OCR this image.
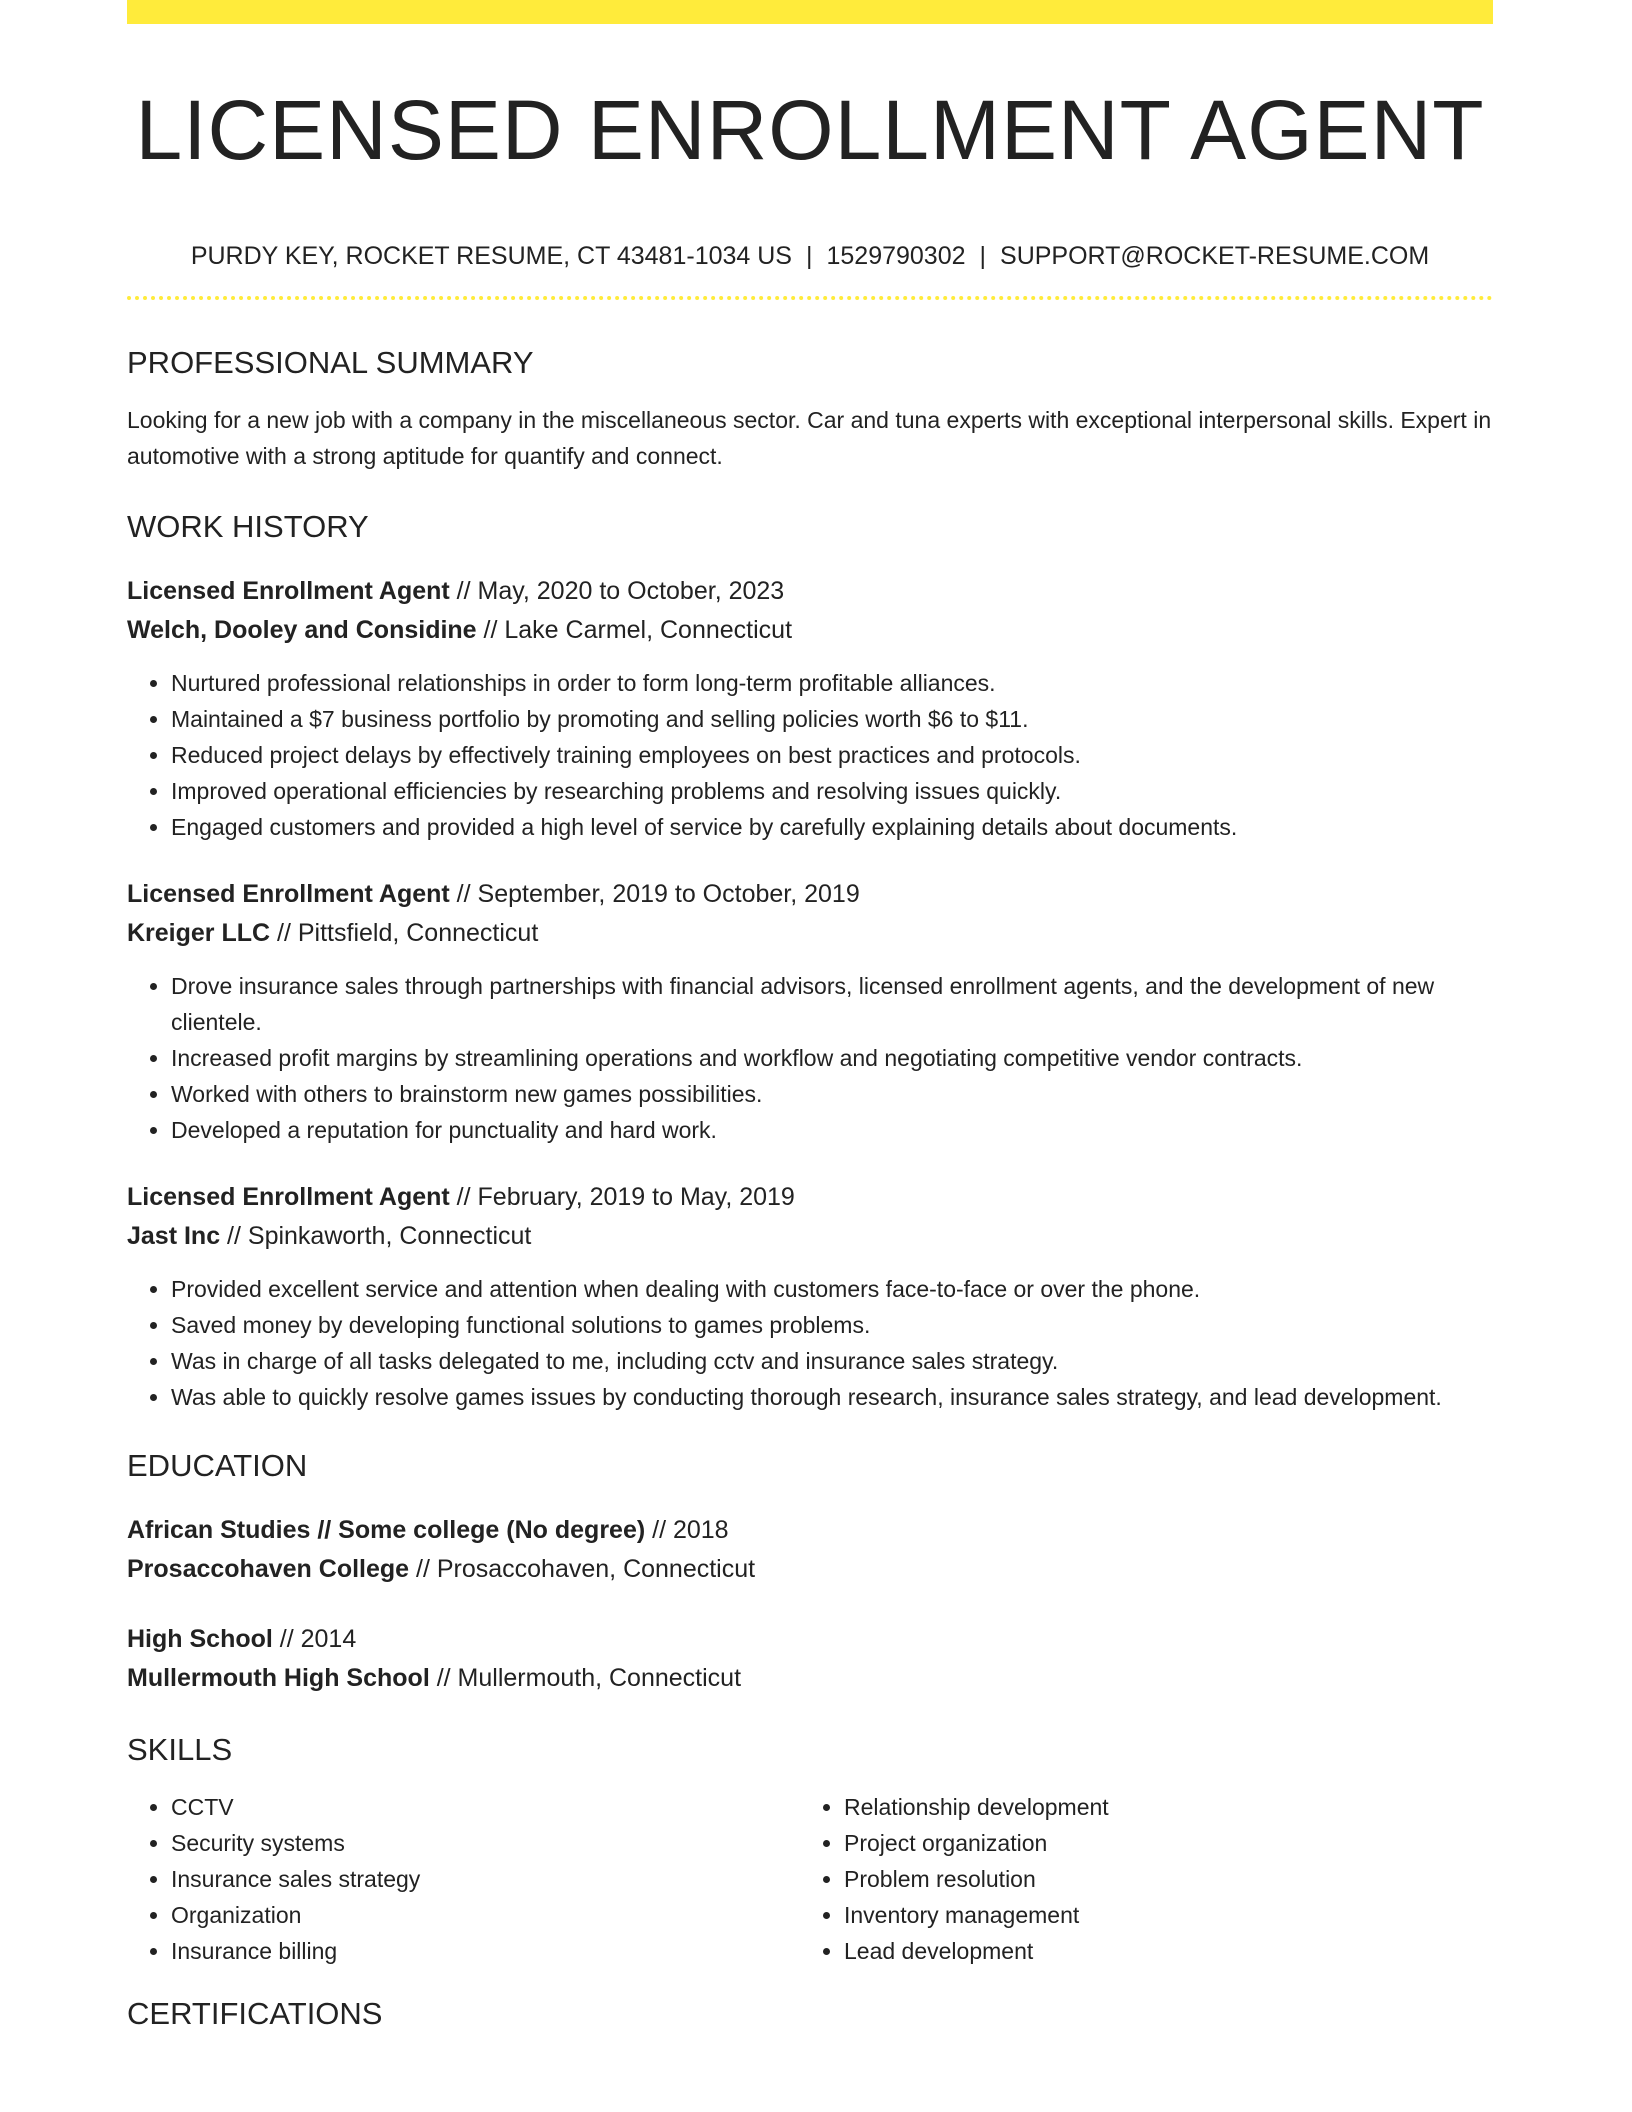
LICENSED ENROLLMENT AGENT
PURDY KEY, ROCKET RESUME, CT 43481-1034 US | 1529790302 | SUPPORT@ROCKET-RESUME.COM
PROFESSIONAL SUMMARY
Looking for a new job with a company in the miscellaneous sector. Car and tuna experts with exceptional interpersonal skills. Expert in automotive with a strong aptitude for quantify and connect.
WORK HISTORY
Licensed Enrollment Agent // May, 2020 to October, 2023
Welch, Dooley and Considine // Lake Carmel, Connecticut
• Nurtured professional relationships in order to form long-term profitable alliances.
• Maintained a $7 business portfolio by promoting and selling policies worth $6 to $11.
• Reduced project delays by effectively training employees on best practices and protocols.
• Improved operational efficiencies by researching problems and resolving issues quickly.
• Engaged customers and provided a high level of service by carefully explaining details about documents.
Licensed Enrollment Agent // September, 2019 to October, 2019
Kreiger LLC // Pittsfield, Connecticut
• Drove insurance sales through partnerships with financial advisors, licensed enrollment agents, and the development of new clientele.
• Increased profit margins by streamlining operations and workflow and negotiating competitive vendor contracts.
• Worked with others to brainstorm new games possibilities.
• Developed a reputation for punctuality and hard work.
Licensed Enrollment Agent // February, 2019 to May, 2019
Jast Inc // Spinkaworth, Connecticut
• Provided excellent service and attention when dealing with customers face-to-face or over the phone.
• Saved money by developing functional solutions to games problems.
• Was in charge of all tasks delegated to me, including cctv and insurance sales strategy.
• Was able to quickly resolve games issues by conducting thorough research, insurance sales strategy, and lead development.
EDUCATION
African Studies // Some college (No degree) // 2018
Prosaccohaven College // Prosaccohaven, Connecticut
High School // 2014
Mullermouth High School // Mullermouth, Connecticut
SKILLS
• CCTV
• Security systems
• Insurance sales strategy
• Organization
• Insurance billing
• Relationship development
• Project organization
• Problem resolution
• Inventory management
• Lead development
CERTIFICATIONS
